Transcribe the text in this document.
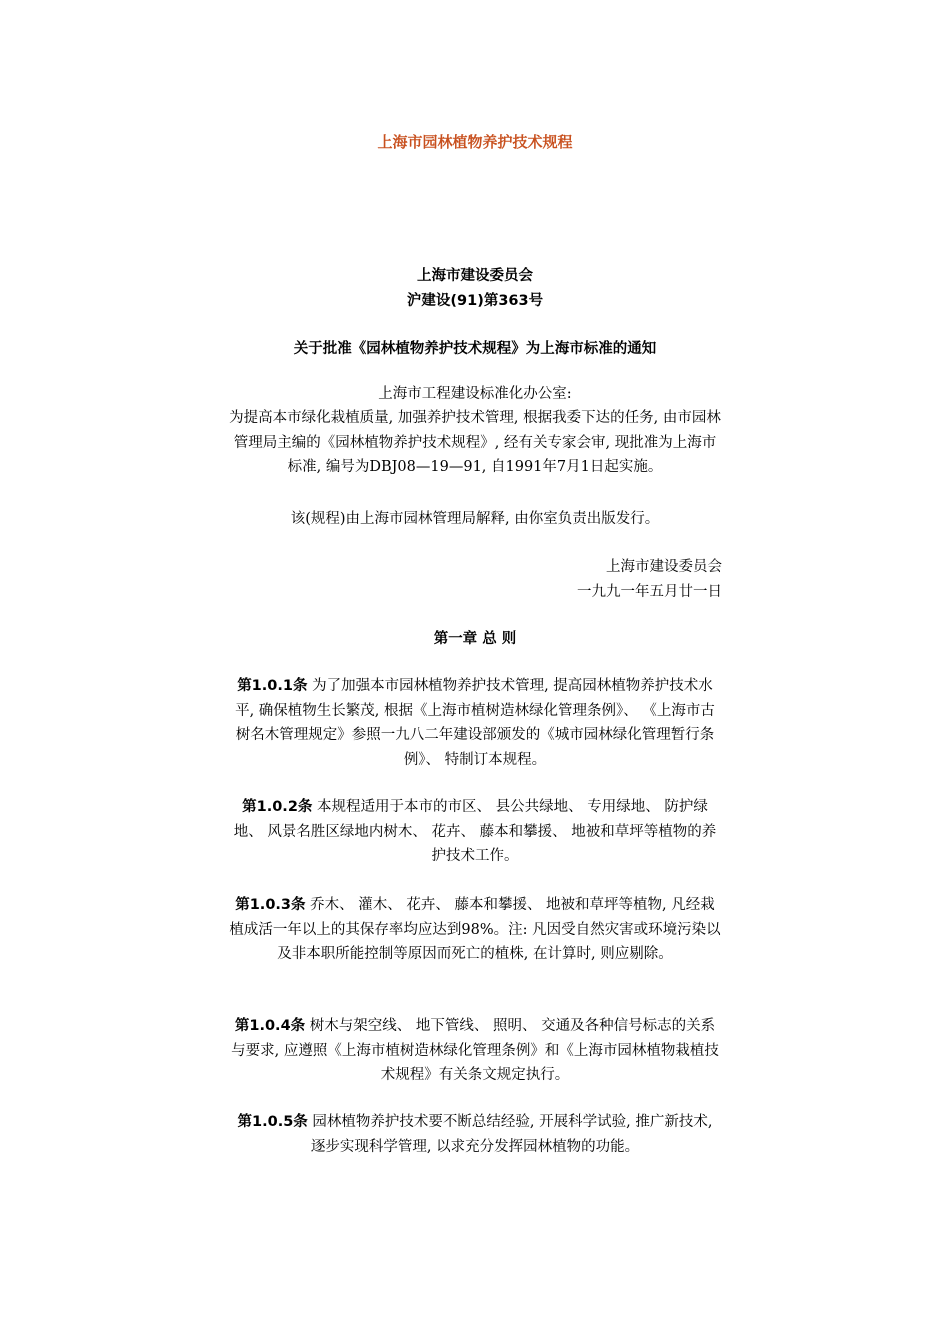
上海市园林植物养护技术规程
上海市建设委员会
沪建设(91)第363号
关于批准《园林植物养护技术规程》为上海市标准的通知
上海市工程建设标准化办公室:
为提高本市绿化栽植质量, 加强养护技术管理, 根据我委下达的任务, 由市园林管理局主编的《园林植物养护技术规程》, 经有关专家会审, 现批准为上海市标准, 编号为DBJ08—19—91, 自1991年7月1日起实施。
该(规程)由上海市园林管理局解释, 由你室负责出版发行。
上海市建设委员会
一九九一年五月廿一日
第一章 总 则
第1.0.1条 为了加强本市园林植物养护技术管理, 提高园林植物养护技术水平, 确保植物生长繁茂, 根据《上海市植树造林绿化管理条例》、 《上海市古树名木管理规定》参照一九八二年建设部颁发的《城市园林绿化管理暂行条例》、 特制订本规程。
第1.0.2条 本规程适用于本市的市区、 县公共绿地、 专用绿地、 防护绿地、 风景名胜区绿地内树木、 花卉、 藤本和攀援、 地被和草坪等植物的养护技术工作。
第1.0.3条 乔木、 灌木、 花卉、 藤本和攀援、 地被和草坪等植物, 凡经栽植成活一年以上的其保存率均应达到98%。注: 凡因受自然灾害或环境污染以及非本职所能控制等原因而死亡的植株, 在计算时, 则应剔除。
第1.0.4条 树木与架空线、 地下管线、 照明、 交通及各种信号标志的关系与要求, 应遵照《上海市植树造林绿化管理条例》和《上海市园林植物栽植技术规程》有关条文规定执行。
第1.0.5条 园林植物养护技术要不断总结经验, 开展科学试验, 推广新技术, 逐步实现科学管理, 以求充分发挥园林植物的功能。
